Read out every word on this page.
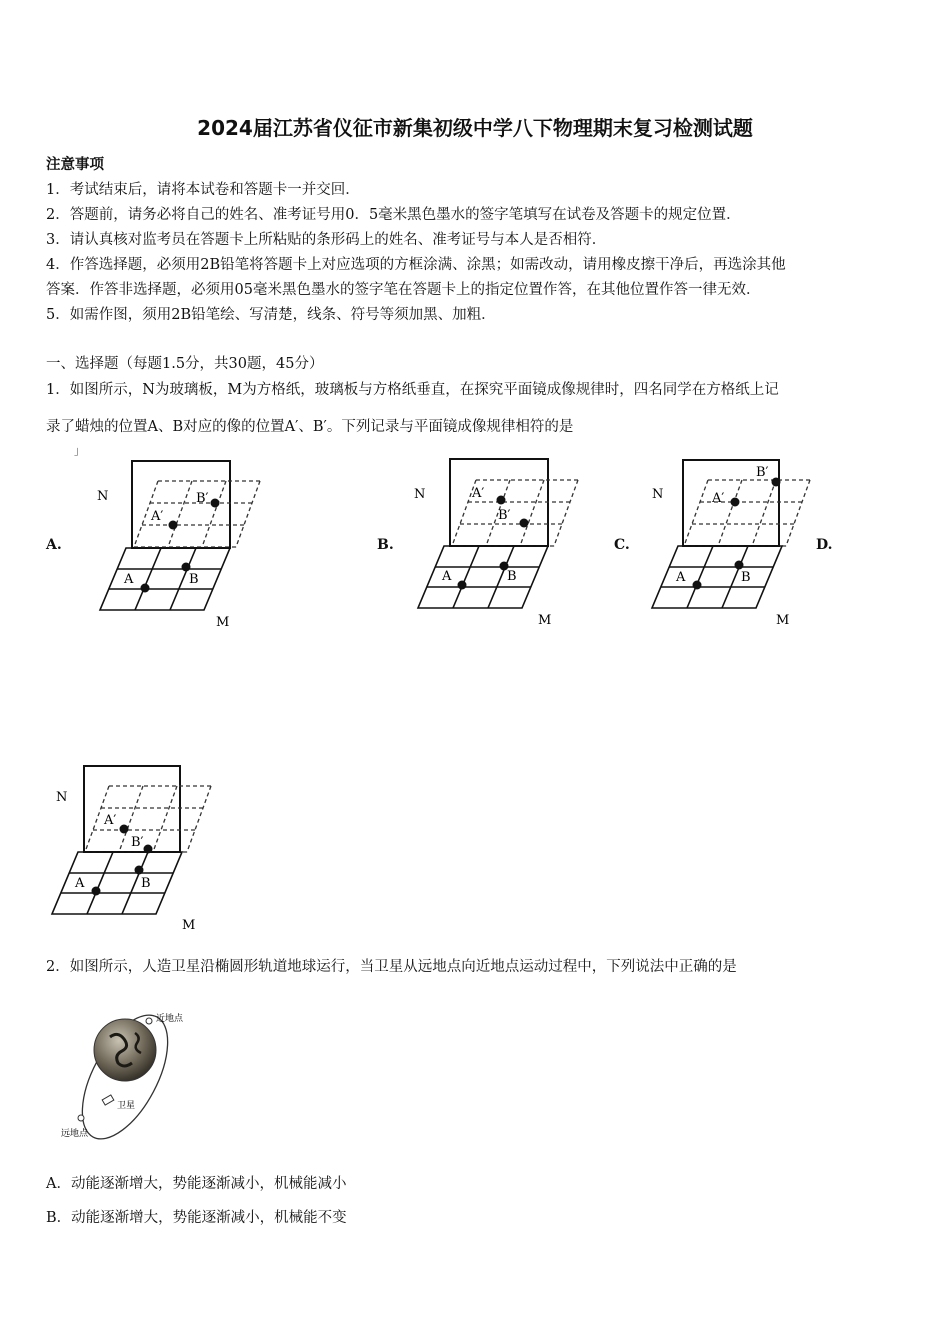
2024届江苏省仪征市新集初级中学八下物理期末复习检测试题
注意事项
1．考试结束后，请将本试卷和答题卡一并交回．
2．答题前，请务必将自己的姓名、准考证号用0．5毫米黑色墨水的签字笔填写在试卷及答题卡的规定位置．
3．请认真核对监考员在答题卡上所粘贴的条形码上的姓名、准考证号与本人是否相符．
4．作答选择题，必须用2B铅笔将答题卡上对应选项的方框涂满、涂黑；如需改动，请用橡皮擦干净后，再选涂其他
答案．作答非选择题，必须用05毫米黑色墨水的签字笔在答题卡上的指定位置作答，在其他位置作答一律无效．
5．如需作图，须用2B铅笔绘、写清楚，线条、符号等须加黑、加粗．
一、选择题（每题1.5分，共30题，45分）
1．如图所示，N为玻璃板，M为方格纸，玻璃板与方格纸垂直，在探究平面镜成像规律时，四名同学在方格纸上记
录了蜡烛的位置A、B对应的像的位置A′、B′。下列记录与平面镜成像规律相符的是
」
A.	B.	C.	D.
N	B′
A′
A	B
M
N	A′
B′
A	B
M
N
B′
A′
A	B
M
N
A′
B′
A	B
M
2．如图所示，人造卫星沿椭圆形轨道地球运行，当卫星从远地点向近地点运动过程中，下列说法中正确的是
近地点
卫星
远地点
A．动能逐渐增大，势能逐渐减小，机械能减小
B．动能逐渐增大，势能逐渐减小，机械能不变
